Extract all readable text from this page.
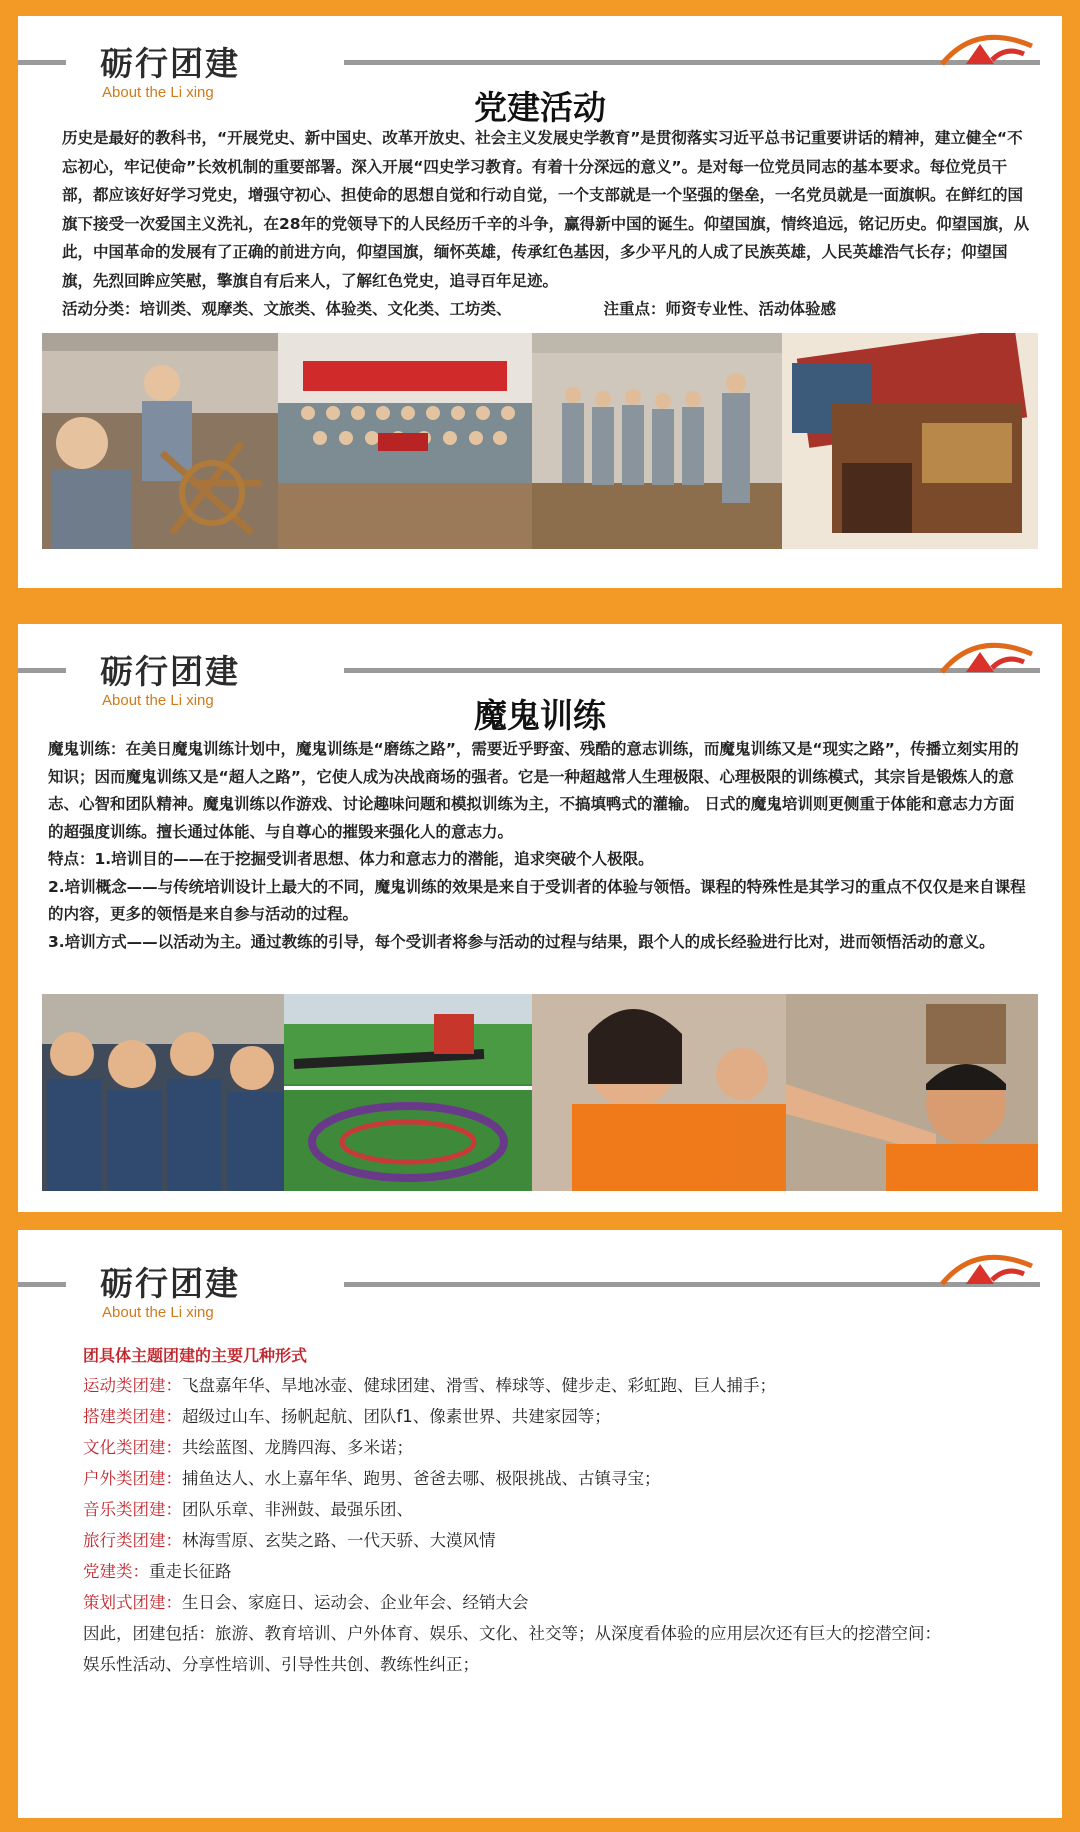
砺行团建
About the Li xing	党建活动

历史是最好的教科书，“开展党史、新中国史、改革开放史、社会主义发展史学教育”是贯彻落实习近平总书记重要讲话的精神，建立健全“不忘初心，牢记使命”长效机制的重要部署。深入开展“四史学习教育。有着十分深远的意义”。是对每一位党员同志的基本要求。每位党员干部，都应该好好学习党史，增强守初心、担使命的思想自觉和行动自觉，一个支部就是一个坚强的堡垒，一名党员就是一面旗帜。在鲜红的国旗下接受一次爱国主义洗礼，在28年的党领导下的人民经历千辛的斗争，赢得新中国的诞生。仰望国旗，情终追远，铭记历史。仰望国旗，从此，中国革命的发展有了正确的前进方向，仰望国旗，缅怀英雄，传承红色基因，多少平凡的人成了民族英雄，人民英雄浩气长存；仰望国旗，先烈回眸应笑慰，擎旗自有后来人，了解红色党史，追寻百年足迹。

活动分类：培训类、观摩类、文旅类、体验类、文化类、工坊类、	注重点：师资专业性、活动体验感

砺行团建
About the Li xing	魔鬼训练

魔鬼训练：在美日魔鬼训练计划中，魔鬼训练是“磨练之路”，需要近乎野蛮、残酷的意志训练，而魔鬼训练又是“现实之路”，传播立刻实用的知识；因而魔鬼训练又是“超人之路”，它使人成为决战商场的强者。它是一种超越常人生理极限、心理极限的训练模式，其宗旨是锻炼人的意志、心智和团队精神。魔鬼训练以作游戏、讨论趣味问题和模拟训练为主，不搞填鸭式的灌输。 日式的魔鬼培训则更侧重于体能和意志力方面的超强度训练。擅长通过体能、与自尊心的摧毁来强化人的意志力。

特点：1.培训目的——在于挖掘受训者思想、体力和意志力的潜能，追求突破个人极限。

2.培训概念——与传统培训设计上最大的不同，魔鬼训练的效果是来自于受训者的体验与领悟。课程的特殊性是其学习的重点不仅仅是来自课程的内容，更多的领悟是来自参与活动的过程。

3.培训方式——以活动为主。通过教练的引导，每个受训者将参与活动的过程与结果，跟个人的成长经验进行比对，进而领悟活动的意义。

砺行团建
About the Li xing
团具体主题团建的主要几种形式
运动类团建：飞盘嘉年华、旱地冰壶、健球团建、滑雪、棒球等、健步走、彩虹跑、巨人捕手；
搭建类团建：超级过山车、扬帆起航、团队f1、像素世界、共建家园等；
文化类团建：共绘蓝图、龙腾四海、多米诺；
户外类团建：捕鱼达人、水上嘉年华、跑男、爸爸去哪、极限挑战、古镇寻宝；
音乐类团建：团队乐章、非洲鼓、最强乐团、
旅行类团建：林海雪原、玄奘之路、一代天骄、大漠风情
党建类：重走长征路
策划式团建：生日会、家庭日、运动会、企业年会、经销大会
因此，团建包括：旅游、教育培训、户外体育、娱乐、文化、社交等；从深度看体验的应用层次还有巨大的挖潜空间：
娱乐性活动、分享性培训、引导性共创、教练性纠正；
